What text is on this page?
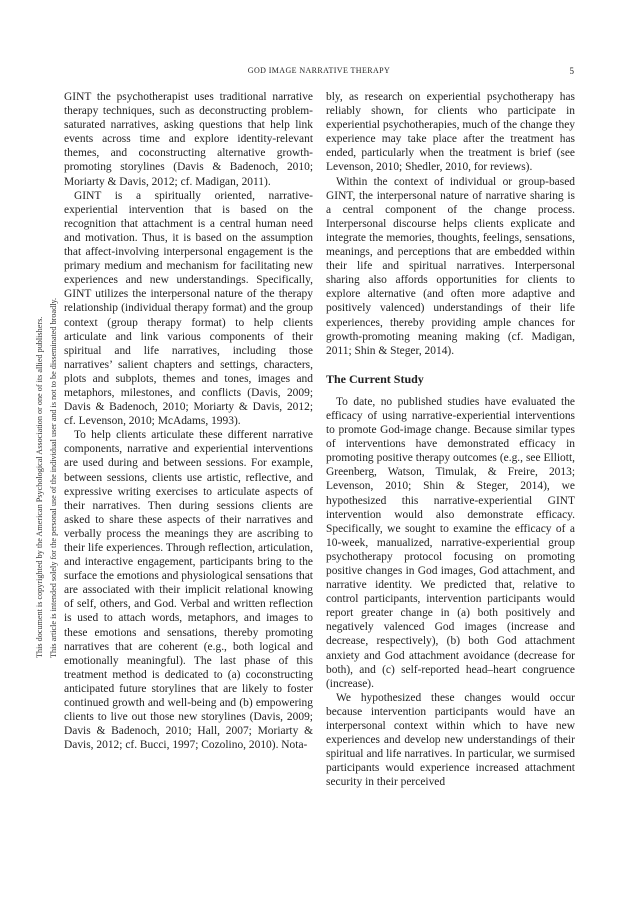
GOD IMAGE NARRATIVE THERAPY	5
This document is copyrighted by the American Psychological Association or one of its allied publishers. This article is intended solely for the personal use of the individual user and is not to be disseminated broadly.

GINT the psychotherapist uses traditional narrative therapy techniques, such as deconstructing problem-saturated narratives, asking questions that help link events across time and explore identity-relevant themes, and coconstructing alternative growth-promoting storylines (Davis & Badenoch, 2010; Moriarty & Davis, 2012; cf. Madigan, 2011).

GINT is a spiritually oriented, narrative-experiential intervention that is based on the recognition that attachment is a central human need and motivation. Thus, it is based on the assumption that affect-involving interpersonal engagement is the primary medium and mechanism for facilitating new experiences and new understandings. Specifically, GINT utilizes the interpersonal nature of the therapy relationship (individual therapy format) and the group context (group therapy format) to help clients articulate and link various components of their spiritual and life narratives, including those narratives’ salient chapters and settings, characters, plots and subplots, themes and tones, images and metaphors, milestones, and conflicts (Davis, 2009; Davis & Badenoch, 2010; Moriarty & Davis, 2012; cf. Levenson, 2010; McAdams, 1993).

To help clients articulate these different narrative components, narrative and experiential interventions are used during and between sessions. For example, between sessions, clients use artistic, reflective, and expressive writing exercises to articulate aspects of their narratives. Then during sessions clients are asked to share these aspects of their narratives and verbally process the meanings they are ascribing to their life experiences. Through reflection, articulation, and interactive engagement, participants bring to the surface the emotions and physiological sensations that are associated with their implicit relational knowing of self, others, and God. Verbal and written reflection is used to attach words, metaphors, and images to these emotions and sensations, thereby promoting narratives that are coherent (e.g., both logical and emotionally meaningful). The last phase of this treatment method is dedicated to (a) coconstructing anticipated future storylines that are likely to foster continued growth and well-being and (b) empowering clients to live out those new storylines (Davis, 2009; Davis & Badenoch, 2010; Hall, 2007; Moriarty & Davis, 2012; cf. Bucci, 1997; Cozolino, 2010). Nota-

bly, as research on experiential psychotherapy has reliably shown, for clients who participate in experiential psychotherapies, much of the change they experience may take place after the treatment has ended, particularly when the treatment is brief (see Levenson, 2010; Shedler, 2010, for reviews).

Within the context of individual or group-based GINT, the interpersonal nature of narrative sharing is a central component of the change process. Interpersonal discourse helps clients explicate and integrate the memories, thoughts, feelings, sensations, meanings, and perceptions that are embedded within their life and spiritual narratives. Interpersonal sharing also affords opportunities for clients to explore alternative (and often more adaptive and positively valenced) understandings of their life experiences, thereby providing ample chances for growth-promoting meaning making (cf. Madigan, 2011; Shin & Steger, 2014).

The Current Study

To date, no published studies have evaluated the efficacy of using narrative-experiential interventions to promote God-image change. Because similar types of interventions have demonstrated efficacy in promoting positive therapy outcomes (e.g., see Elliott, Greenberg, Watson, Timulak, & Freire, 2013; Levenson, 2010; Shin & Steger, 2014), we hypothesized this narrative-experiential GINT intervention would also demonstrate efficacy. Specifically, we sought to examine the efficacy of a 10-week, manualized, narrative-experiential group psychotherapy protocol focusing on promoting positive changes in God images, God attachment, and narrative identity. We predicted that, relative to control participants, intervention participants would report greater change in (a) both positively and negatively valenced God images (increase and decrease, respectively), (b) both God attachment anxiety and God attachment avoidance (decrease for both), and (c) self-reported head–heart congruence (increase).

We hypothesized these changes would occur because intervention participants would have an interpersonal context within which to have new experiences and develop new understandings of their spiritual and life narratives. In particular, we surmised participants would experience increased attachment security in their perceived
